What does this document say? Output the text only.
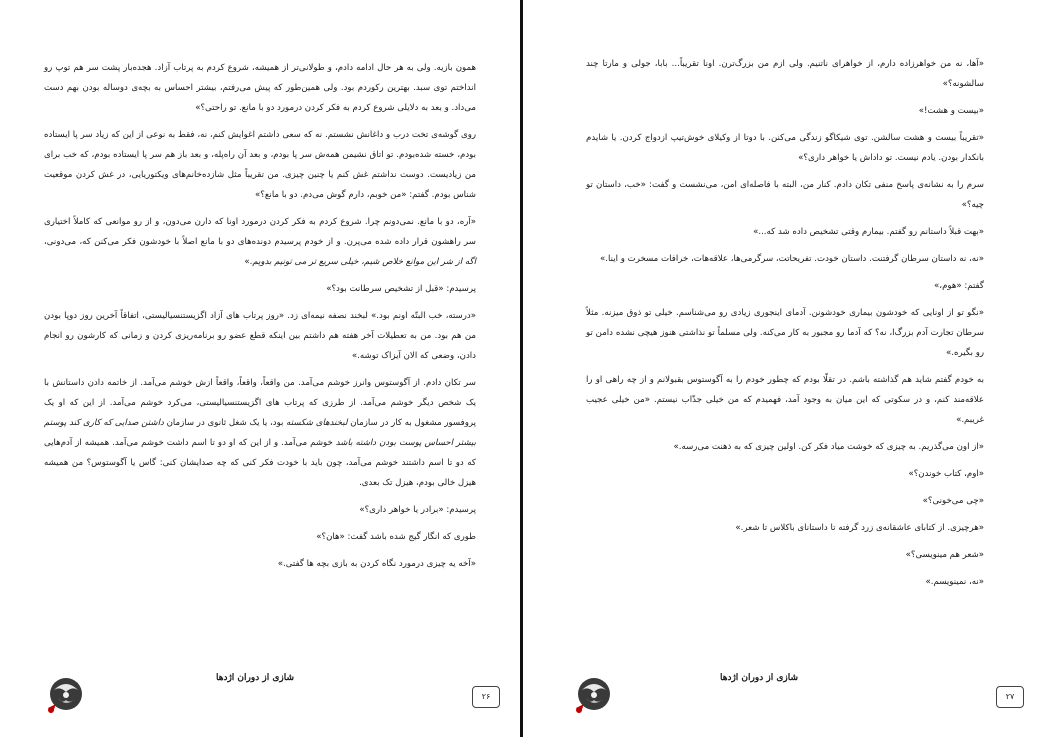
همون بازیه. ولی به هر حال ادامه دادم، و طولانی‌تر از همیشه، شروع کردم به پرتاب آزاد. هجده‌بار پشت سر هم توپ رو انداختم توی سبد. بهترین رکوردم بود. ولی همین‌طور که پیش می‌رفتم، بیشتر احساس به بچه‌ی دوساله بودن بهم دست می‌داد. و بعد به دلایلی شروع کردم به فکر کردن درمورد دو با مانع. تو راحتی؟»

روی گوشه‌ی تخت درب و داغانش نشستم. نه که سعی داشتم اغوایش کنم، نه، فقط به نوعی از این که زیاد سر پا ایستاده بودم، خسته شده‌بودم. تو اتاق نشیمن همه‌ش سر پا بودم، و بعد آن راه‌پله، و بعد باز هم سر پا ایستاده بودم، که خب برای من زیادیست. دوست نداشتم غش کنم یا چنین چیزی. من تقریباً مثل شازده‌خانم‌های ویکتوریایی، در غش کردن موقعیت شناس بودم. گفتم: «من خوبم، دارم گوش می‌دم. دو با مانع؟»

«آره، دو با مانع. نمی‌دونم چرا. شروع کردم به فکر کردن درمورد اونا که دارن می‌دون، و از رو موانعی که کاملاً اختیاری سر راهشون قرار داده شده می‌پرن. و از خودم پرسیدم دونده‌های دو با مانع اصلاً با خودشون فکر می‌کنن که، می‌دونی، اگه از شر این موانع خلاص شیم، خیلی سریع تر می تونیم بدویم.»

پرسیدم: «قبل از تشخیص سرطانت بود؟»

«درسته، خب البتّه اونم بود.» لبخند نصفه نیمه‌ای زد. «روز پرتاب های آزاد اگزیستنسیالیستی، اتفاقاً آخرین روز دوپا بودن من هم بود. من به تعطیلات آخر هفته هم داشتم بین اینکه قطع عضو رو برنامه‌ریزی کردن و زمانی که کارشون رو انجام دادن، وضعی که الان آیزاک توشه.»

سر تکان دادم. از آگوستوس وانرز خوشم می‌آمد. من واقعاً، واقعاً، واقعاً ازش خوشم می‌آمد. از خاتمه دادن داستانش با یک شخص دیگر خوشم می‌آمد. از طرزی که پرتاب های اگزیستنسیالیستی، می‌کرد خوشم می‌آمد. از این که او یک پروفسور مشغول به کار در سازمان لبخندهای شکسته بود، یا یک شغل ثانوی در سازمان داشتن صدایی که کاری کند پوستم بیشتر احساس پوست بودن داشته باشد خوشم می‌آمد. و از این که او دو تا اسم داشت خوشم می‌آمد. همیشه از آدم‌هایی که دو تا اسم داشتند خوشم می‌آمد، چون باید با خودت فکر کنی که چه صدایشان کنی: گاس یا آگوستوس؟ من همیشه هیزل خالی بودم، هیزل تک بعدی.

پرسیدم: «برادر یا خواهر داری؟»

طوری که انگار گیج شده باشد گفت: «هان؟»

«آخه یه چیزی درمورد نگاه کردن به بازی بچه ها گفتی.»

شازی از دوران اژدها
۲۶

«آها، نه من خواهرزاده دارم، از خواهرای ناتنیم. ولی ازم من بزرگ‌ترن. اونا تقریباً... بابا، جولی و مارتا چند سالشونه؟»

«بیست و هشت!»

«تقریباً بیست و هشت سالشن. توی شیکاگو زندگی می‌کنن. با دوتا از وکیلای خوش‌تیپ ازدواج کردن. یا شایدم بانکدار بودن. یادم نیست. تو داداش یا خواهر داری؟»

سرم را به نشانه‌ی پاسخ منفی تکان دادم. کنار من، البته با فاصله‌ای امن، می‌نشست و گفت: «خب، داستان تو چیه؟»

«بهت قبلاً داستانم رو گفتم. بیمارم وقتی تشخیص داده شد که...»

«نه، نه داستان سرطان گرفتنت. داستان خودت. تفریحاتت، سرگرمی‌ها، علاقه‌هات، خرافات مسخرت و اینا.»

گفتم: «هوم،»

«نگو تو از اونایی که خودشون بیماری خودشونن. آدمای اینجوری زیادی رو می‌شناسم. خیلی تو ذوق میزنه. مثلاً سرطان تجارت آدم بزرگ‌ا، نه؟ که آدما رو مجبور به کار می‌کنه. ولی مسلماً تو نذاشتی هنوز هیچی نشده دامن تو رو بگیره.»

به خودم گفتم شاید هم گذاشته باشم. در تقلّا بودم که چطور خودم را به آگوستوس بقبولانم و از چه راهی او را علاقه‌مند کنم، و در سکوتی که این میان به وجود آمد، فهمیدم که من خیلی جذّاب نیستم. «من خیلی عجیب غریبم.»

«از اون می‌گذریم. به چیزی که خوشت میاد فکر کن. اولین چیزی که به ذهنت می‌رسه.»

«اوم، کتاب خوندن؟»

«چی می‌خونی؟»

«هرچیزی. از کتابای عاشقانه‌ی زرد گرفته تا داستانای باکلاس تا شعر.»

«شعر هم مینویسی؟»

«نه، نمینویسم.»

شازی از دوران اژدها
۲۷
